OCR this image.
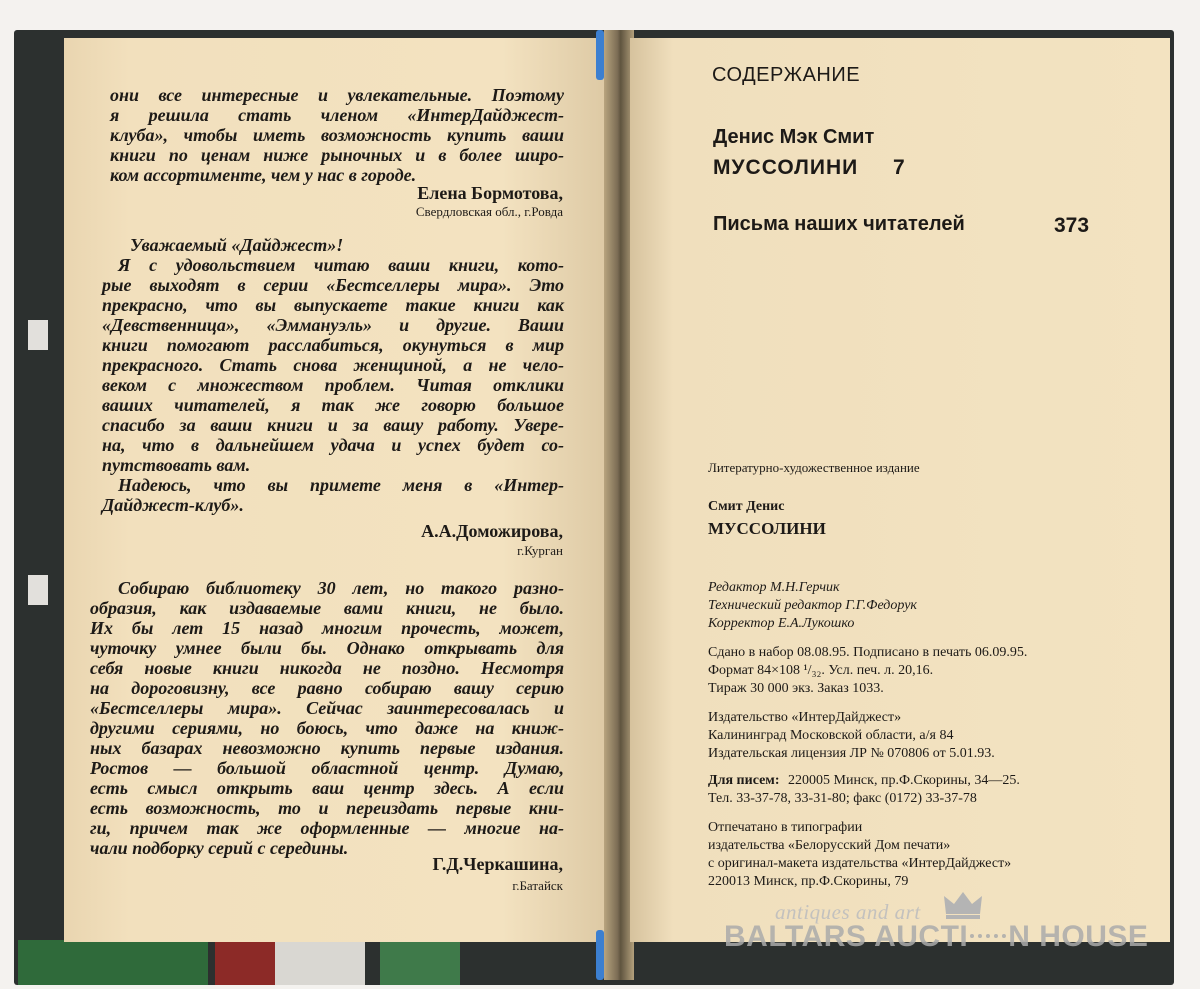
они все интересные и увлекательные. Поэтому
я решила стать членом «ИнтерДайджест-
клуба», чтобы иметь возможность купить ваши
книги по ценам ниже рыночных и в более широ-
ком ассортименте, чем у нас в городе.
Елена Бормотова,
Свердловская обл., г.Ровда
Уважаемый «Дайджест»!
Я с удовольствием читаю ваши книги, кото-
рые выходят в серии «Бестселлеры мира». Это
прекрасно, что вы выпускаете такие книги как
«Девственница», «Эммануэль» и другие. Ваши
книги помогают расслабиться, окунуться в мир
прекрасного. Стать снова женщиной, а не чело-
веком с множеством проблем. Читая отклики
ваших читателей, я так же говорю большое
спасибо за ваши книги и за вашу работу. Увере-
на, что в дальнейшем удача и успех будет со-
путствовать вам.
Надеюсь, что вы примете меня в «Интер-
Дайджест-клуб».
А.А.Доможирова,
г.Курган
Собираю библиотеку 30 лет, но такого разно-
образия, как издаваемые вами книги, не было.
Их бы лет 15 назад многим прочесть, может,
чуточку умнее были бы. Однако открывать для
себя новые книги никогда не поздно. Несмотря
на дороговизну, все равно собираю вашу серию
«Бестселлеры мира». Сейчас заинтересовалась и
другими сериями, но боюсь, что даже на книж-
ных базарах невозможно купить первые издания.
Ростов — большой областной центр. Думаю,
есть смысл открыть ваш центр здесь. А если
есть возможность, то и переиздать первые кни-
ги, причем так же оформленные — многие на-
чали подборку серий с середины.
Г.Д.Черкашина,
г.Батайск
СОДЕРЖАНИЕ
Денис Мэк Смит
МУССОЛИНИ 7
Письма наших читателей	373
Литературно-художественное издание
Смит Денис
МУССОЛИНИ
Редактор М.Н.Герчик
Технический редактор Г.Г.Федорук
Корректор Е.А.Лукошко
Сдано в набор 08.08.95. Подписано в печать 06.09.95.
Формат 84×108 ¹/₃₂. Усл. печ. л. 20,16.
Тираж 30 000 экз. Заказ 1033.
Издательство «ИнтерДайджест»
Калининград Московской области, а/я 84
Издательская лицензия ЛР № 070806 от 5.01.93.
Для писем: 220005 Минск, пр.Ф.Скорины, 34—25.
Тел. 33-37-78, 33-31-80; факс (0172) 33-37-78
Отпечатано в типографии
издательства «Белорусский Дом печати»
с оригинал-макета издательства «ИнтерДайджест»
220013 Минск, пр.Ф.Скорины, 79
antiques and art
BALTARS AUCTI N HOUSE
